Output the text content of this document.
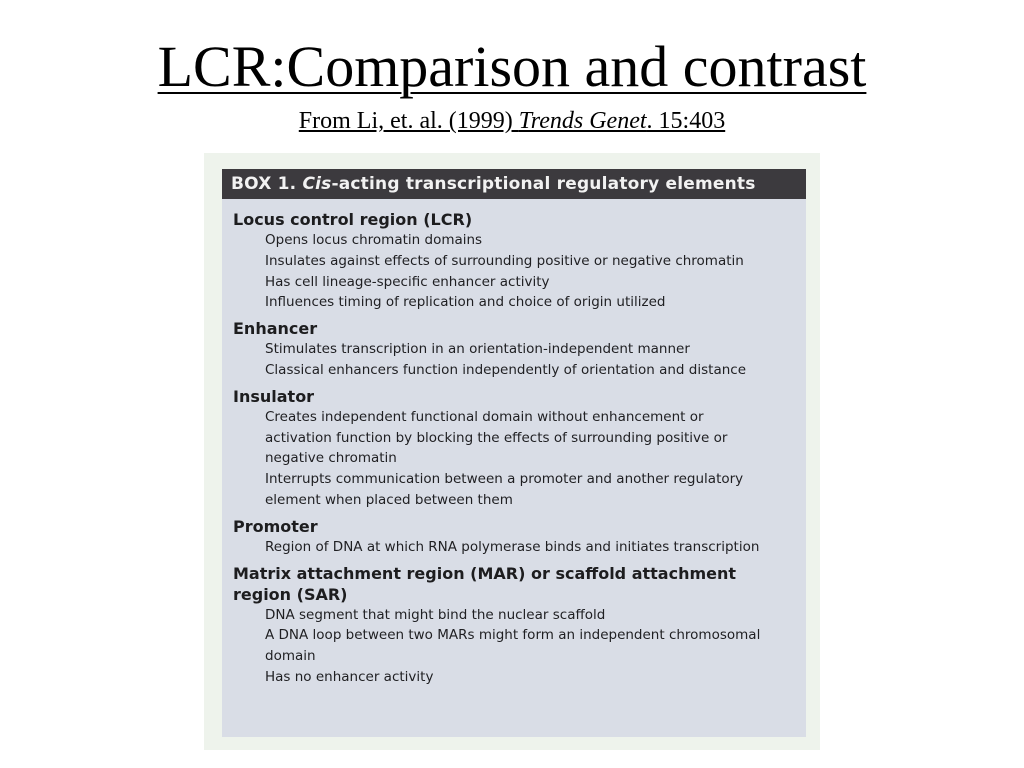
LCR:Comparison and contrast
From Li, et. al. (1999) Trends Genet. 15:403
BOX 1. Cis-acting transcriptional regulatory elements

Locus control region (LCR)

Opens locus chromatin domains
Insulates against effects of surrounding positive or negative chromatin
Has cell lineage-specific enhancer activity
Influences timing of replication and choice of origin utilized

Enhancer

Stimulates transcription in an orientation-independent manner
Classical enhancers function independently of orientation and distance

Insulator

Creates independent functional domain without enhancement or
activation function by blocking the effects of surrounding positive or
negative chromatin
Interrupts communication between a promoter and another regulatory
element when placed between them

Promoter

Region of DNA at which RNA polymerase binds and initiates transcription

Matrix attachment region (MAR) or scaffold attachment

region (SAR)

DNA segment that might bind the nuclear scaffold
A DNA loop between two MARs might form an independent chromosomal
domain
Has no enhancer activity
